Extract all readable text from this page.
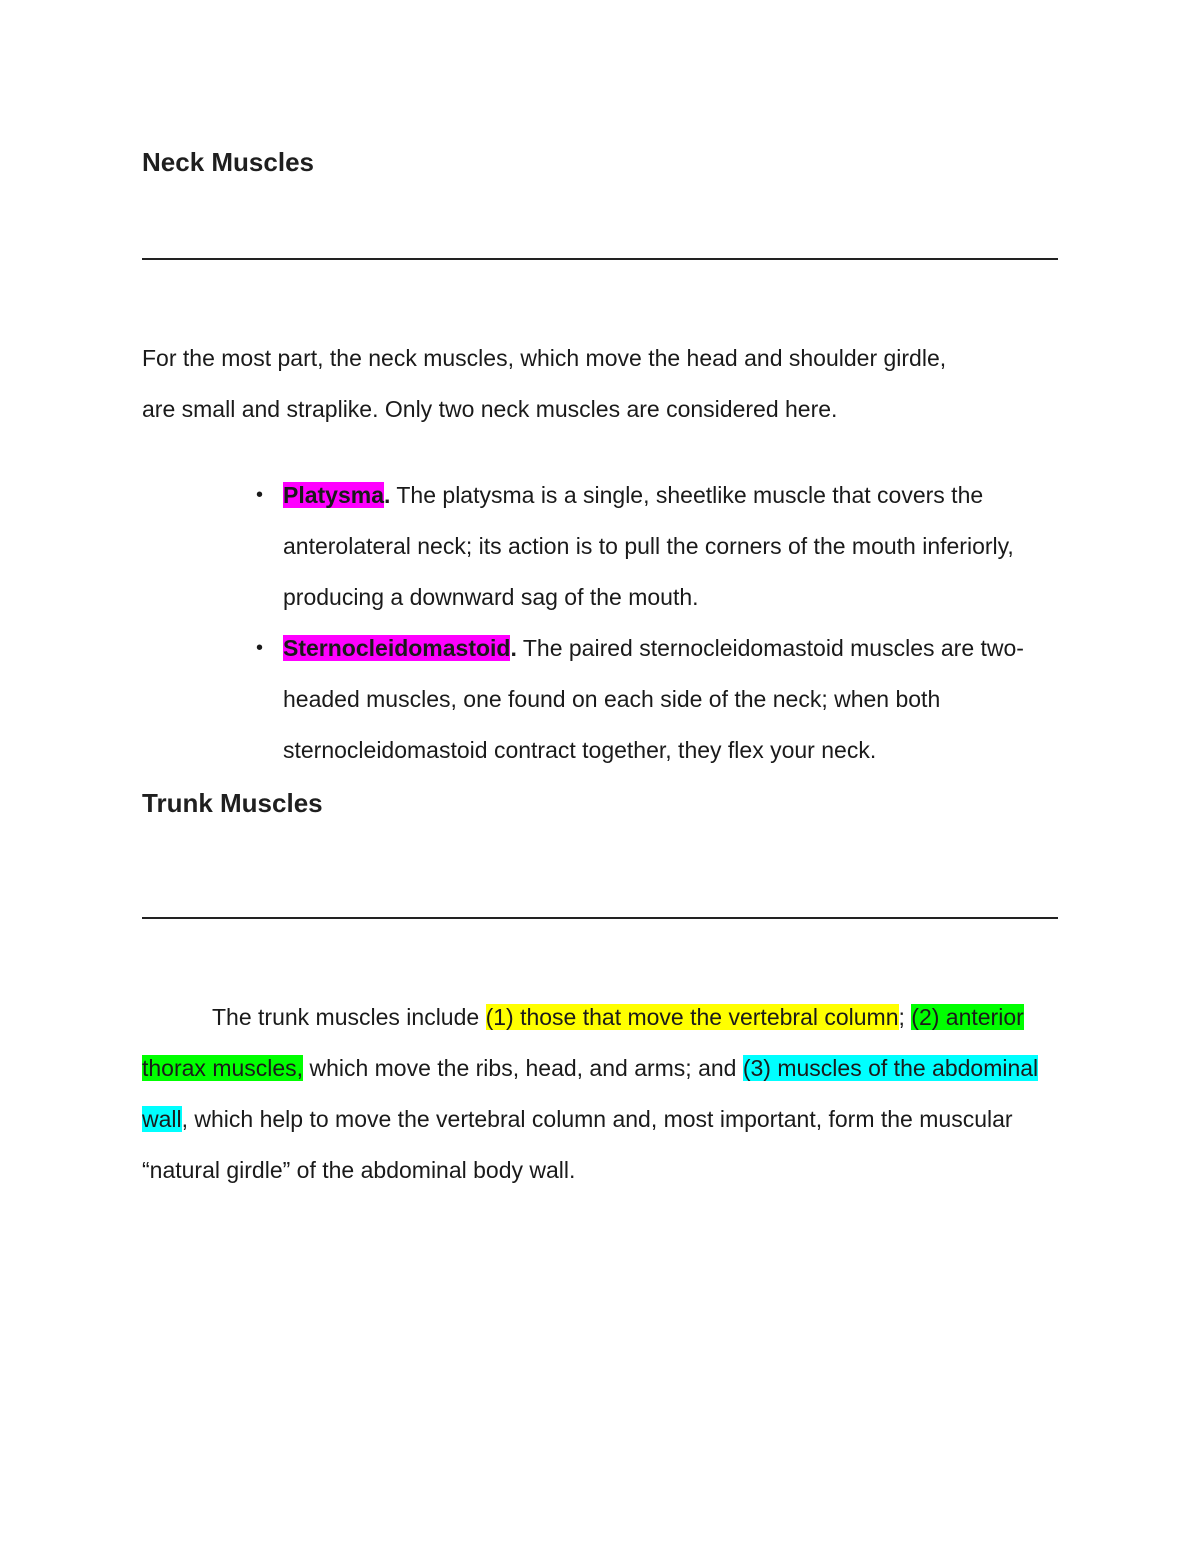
Neck Muscles

For the most part, the neck muscles, which move the head and shoulder girdle,
are small and straplike. Only two neck muscles are considered here.

• Platysma. The platysma is a single, sheetlike muscle that covers the anterolateral neck; its action is to pull the corners of the mouth inferiorly, producing a downward sag of the mouth.
• Sternocleidomastoid. The paired sternocleidomastoid muscles are two-headed muscles, one found on each side of the neck; when both sternocleidomastoid contract together, they flex your neck.
Trunk Muscles

The trunk muscles include (1) those that move the vertebral column; (2) anterior thorax muscles, which move the ribs, head, and arms; and (3) muscles of the abdominal wall, which help to move the vertebral column and, most important, form the muscular “natural girdle” of the abdominal body wall.
